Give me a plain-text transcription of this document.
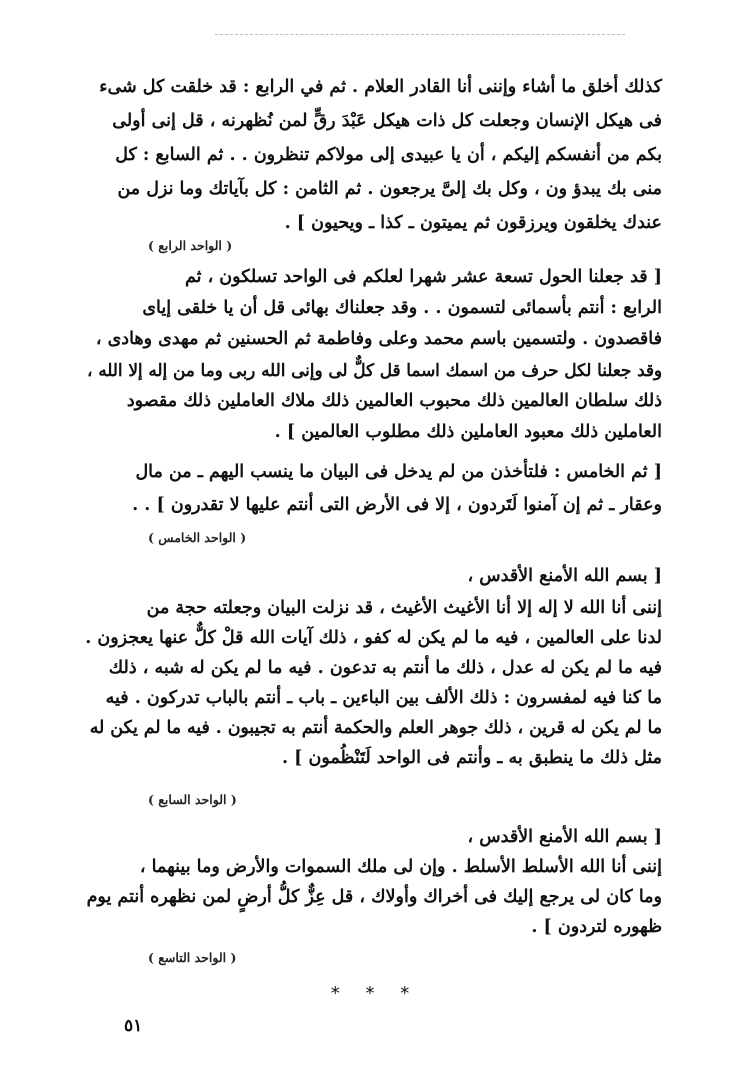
كذلك أخلق ما أشاء وإننى أنا القادر العلام . ثم في الرابع : قد خلقت كل شىء
فى هيكل الإنسان وجعلت كل ذات هيكل عَبْدَ رقٍّ لمن نُظهرنه ، قل إنى أولى
بكم من أنفسكم إليكم ، أن يا عبيدى إلى مولاكم تنظرون . . ثم السابع : كل
منى بك يبدؤ ون ، وكل بك إلىَّ يرجعون . ثم الثامن : كل بآياتك وما نزل من
عندك يخلقون ويرزقون ثم يميتون ـ كذا ـ ويحيون ] .
( الواحد الرابع )
[ قد جعلنا الحول تسعة عشر شهرا لعلكم فى الواحد تسلكون ، ثم
الرابع : أنتم بأسمائى لتسمون . . وقد جعلناك بهائى قل أن يا خلقى إياى
فاقصدون . ولتسمين باسم محمد وعلى وفاطمة ثم الحسنين ثم مهدى وهادى ،
وقد جعلنا لكل حرف من اسمك اسما قل كلٌّ لى وإنى الله ربى وما من إله إلا الله ،
ذلك سلطان العالمين ذلك محبوب العالمين ذلك ملاك العاملين ذلك مقصود
العاملين ذلك معبود العاملين ذلك مطلوب العالمين ] .
[ ثم الخامس : فلتأخذن من لم يدخل فى البيان ما ينسب اليهم ـ من مال
وعقار ـ ثم إن آمنوا لَتَردون ، إلا فى الأرض التى أنتم عليها لا تقدرون ] . .
( الواحد الخامس )
[ بسم الله الأمنع الأقدس ،
إننى أنا الله لا إله إلا أنا الأغيث الأغيث ، قد نزلت البيان وجعلته حجة من
لدنا على العالمين ، فيه ما لم يكن له كفو ، ذلك آيات الله قلْ كلٌّ عنها يعجزون .
فيه ما لم يكن له عدل ، ذلك ما أنتم به تدعون . فيه ما لم يكن له شبه ، ذلك
ما كنا فيه لمفسرون : ذلك الألف بين الباءين ـ باب ـ أنتم بالباب تدركون . فيه
ما لم يكن له قرين ، ذلك جوهر العلم والحكمة أنتم به تجيبون . فيه ما لم يكن له
مثل ذلك ما ينطبق به ـ وأنتم فى الواحد لَتَنْظُمون ] .
( الواحد السابع )
[ بسم الله الأمنع الأقدس ،
إننى أنا الله الأسلط الأسلط . وإن لى ملك السموات والأرض وما بينهما ،
وما كان لى يرجع إليك فى أخراك وأولاك ، قل عِزٌّ كلُّ أرضٍ لمن نظهره أنتم يوم
ظهوره لتردون ] .
( الواحد التاسع )
* * *
٥١
